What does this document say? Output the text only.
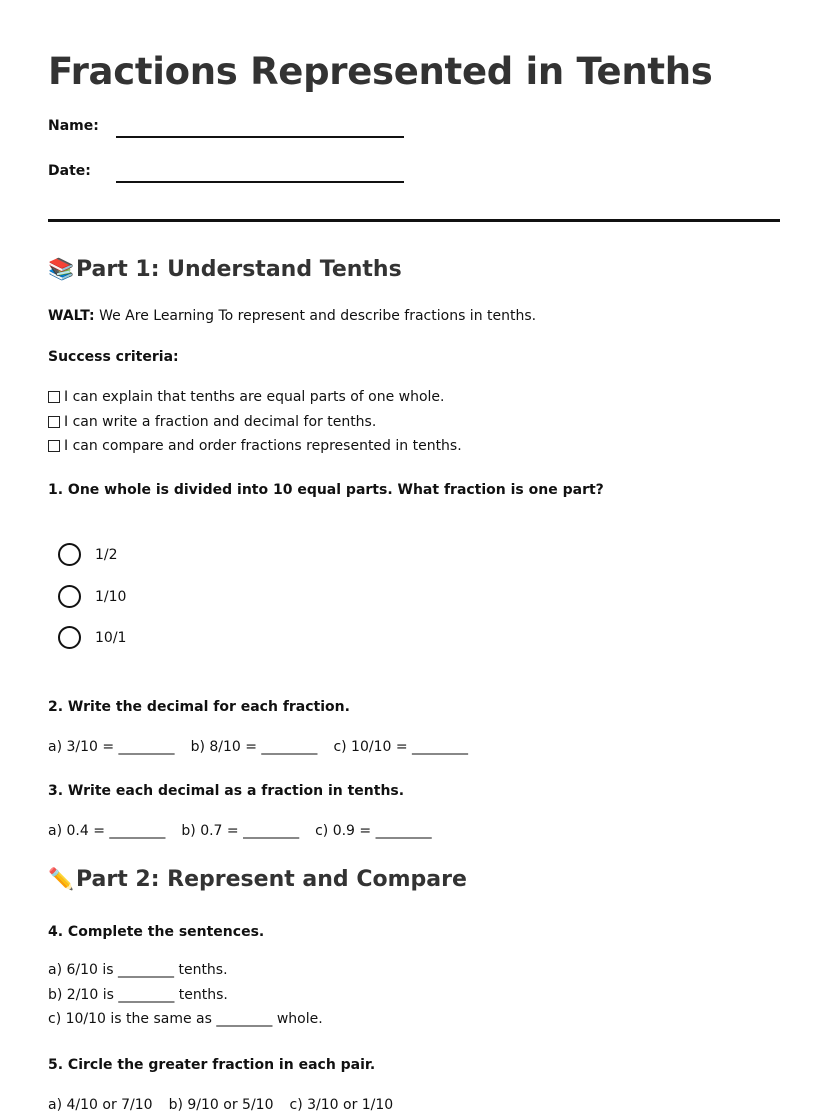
Fractions Represented in Tenths
Name:
Date:
📚Part 1: Understand Tenths
WALT: We Are Learning To represent and describe fractions in tenths.
Success criteria:
I can explain that tenths are equal parts of one whole.
I can write a fraction and decimal for tenths.
I can compare and order fractions represented in tenths.
1. One whole is divided into 10 equal parts. What fraction is one part?
1/2
1/10
10/1
2. Write the decimal for each fraction.
a) 3/10 = ________ b) 8/10 = ________ c) 10/10 = ________
3. Write each decimal as a fraction in tenths.
a) 0.4 = ________ b) 0.7 = ________ c) 0.9 = ________
✏️Part 2: Represent and Compare
4. Complete the sentences.
a) 6/10 is ________ tenths.
b) 2/10 is ________ tenths.
c) 10/10 is the same as ________ whole.
5. Circle the greater fraction in each pair.
a) 4/10 or 7/10 b) 9/10 or 5/10 c) 3/10 or 1/10
